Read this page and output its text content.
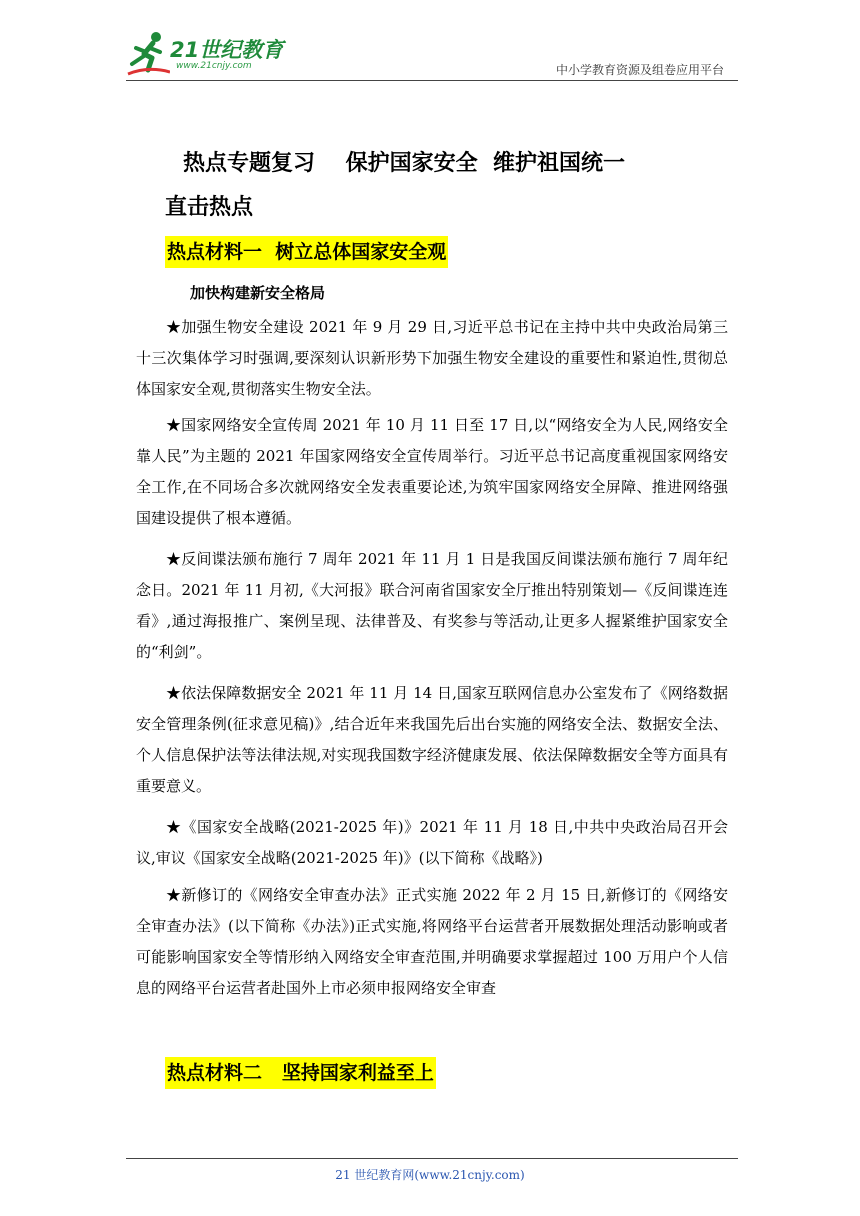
21世纪教育
www.21cnjy.com	中小学教育资源及组卷应用平台
热点专题复习    保护国家安全  维护祖国统一
直击热点
热点材料一  树立总体国家安全观
加快构建新安全格局
★加强生物安全建设 2021 年 9 月 29 日,习近平总书记在主持中共中央政治局第三十三次集体学习时强调,要深刻认识新形势下加强生物安全建设的重要性和紧迫性,贯彻总体国家安全观,贯彻落实生物安全法。
★国家网络安全宣传周 2021 年 10 月 11 日至 17 日,以“网络安全为人民,网络安全靠人民”为主题的 2021 年国家网络安全宣传周举行。习近平总书记高度重视国家网络安全工作,在不同场合多次就网络安全发表重要论述,为筑牢国家网络安全屏障、推进网络强国建设提供了根本遵循。
★反间谍法颁布施行 7 周年 2021 年 11 月 1 日是我国反间谍法颁布施行 7 周年纪念日。2021 年 11 月初,《大河报》联合河南省国家安全厅推出特别策划—《反间谍连连看》,通过海报推广、案例呈现、法律普及、有奖参与等活动,让更多人握紧维护国家安全的“利剑”。
★依法保障数据安全 2021 年 11 月 14 日,国家互联网信息办公室发布了《网络数据安全管理条例(征求意见稿)》,结合近年来我国先后出台实施的网络安全法、数据安全法、个人信息保护法等法律法规,对实现我国数字经济健康发展、依法保障数据安全等方面具有重要意义。
★《国家安全战略(2021-2025 年)》2021 年 11 月 18 日,中共中央政治局召开会议,审议《国家安全战略(2021-2025 年)》(以下简称《战略》)
★新修订的《网络安全审查办法》正式实施 2022 年 2 月 15 日,新修订的《网络安全审查办法》(以下简称《办法》)正式实施,将网络平台运营者开展数据处理活动影响或者可能影响国家安全等情形纳入网络安全审查范围,并明确要求掌握超过 100 万用户个人信息的网络平台运营者赴国外上市必须申报网络安全审查
热点材料二   坚持国家利益至上
21 世纪教育网(www.21cnjy.com)
